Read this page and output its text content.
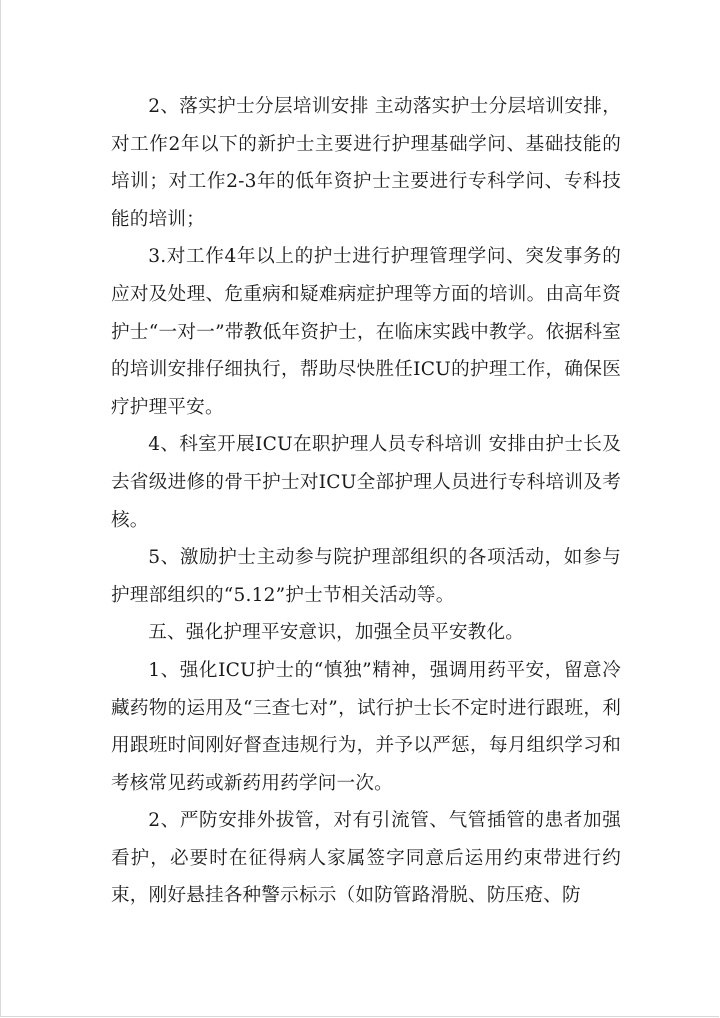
2、落实护士分层培训安排 主动落实护士分层培训安排，对工作2年以下的新护士主要进行护理基础学问、基础技能的培训；对工作2-3年的低年资护士主要进行专科学问、专科技能的培训；

3.对工作4年以上的护士进行护理管理学问、突发事务的应对及处理、危重病和疑难病症护理等方面的培训。由高年资护士“一对一”带教低年资护士，在临床实践中教学。依据科室的培训安排仔细执行，帮助尽快胜任ICU的护理工作，确保医疗护理平安。

4、科室开展ICU在职护理人员专科培训 安排由护士长及去省级进修的骨干护士对ICU全部护理人员进行专科培训及考核。

5、激励护士主动参与院护理部组织的各项活动，如参与护理部组织的“5.12”护士节相关活动等。

五、强化护理平安意识，加强全员平安教化。

1、强化ICU护士的“慎独”精神，强调用药平安，留意冷藏药物的运用及“三查七对”，试行护士长不定时进行跟班，利用跟班时间刚好督查违规行为，并予以严惩，每月组织学习和考核常见药或新药用药学问一次。

2、严防安排外拔管，对有引流管、气管插管的患者加强看护，必要时在征得病人家属签字同意后运用约束带进行约束，刚好悬挂各种警示标示（如防管路滑脱、防压疮、防
